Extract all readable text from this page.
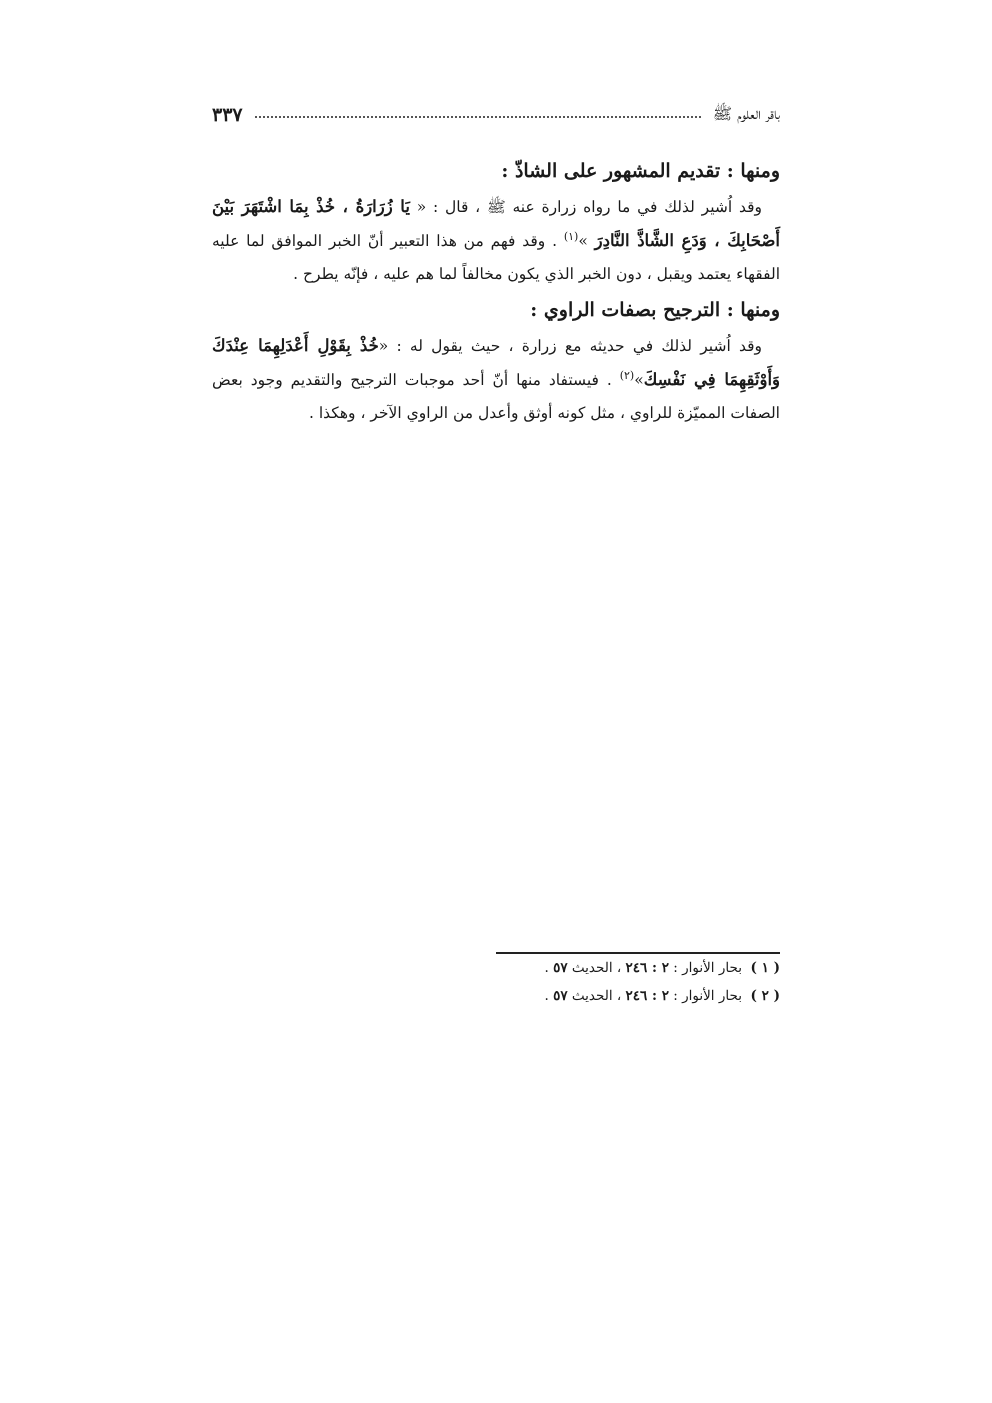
باقر العلوم ﷺ
٣٣٧
ومنها : تقديم المشهور على الشاذّ :

وقد اُشير لذلك في ما رواه زرارة عنه ﷺ ، قال : « يَا زُرَارَةُ ، خُذْ بِمَا اشْتَهَرَ بَيْنَ أَصْحَابِكَ ، وَدَعِ الشَّاذَّ النَّادِرَ »$^{(١)}$ . وقد فهم من هذا التعبير أنّ الخبر الموافق لما عليه الفقهاء يعتمد ويقبل ، دون الخبر الذي يكون مخالفاً لما هم عليه ، فإنّه يطرح .

ومنها : الترجيح بصفات الراوي :

وقد اُشير لذلك في حديثه مع زرارة ، حيث يقول له : «خُذْ بِقَوْلِ أَعْدَلِهِمَا عِنْدَكَ وَأَوْثَقِهِمَا فِي نَفْسِكَ»$^{(٢)}$ . فيستفاد منها أنّ أحد موجبات الترجيح والتقديم وجود بعض الصفات المميّزة للراوي ، مثل كونه أوثق وأعدل من الراوي الآخر ، وهكذا .

( ١ )  بحار الأنوار : ٢ : ٢٤٦ ، الحديث ٥٧ .
( ٢ )  بحار الأنوار : ٢ : ٢٤٦ ، الحديث ٥٧ .
